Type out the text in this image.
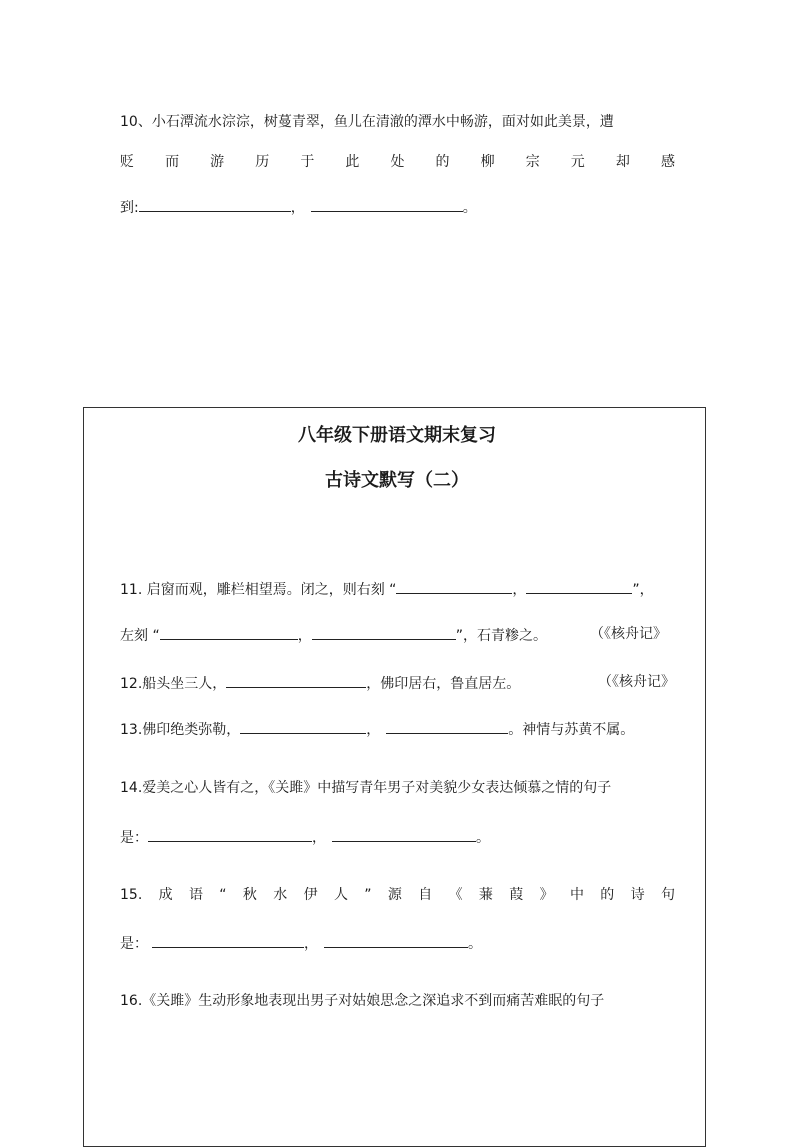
10、小石潭流水淙淙，树蔓青翠，鱼儿在清澈的潭水中畅游，面对如此美景，遭
贬 而 游 历 于 此 处 的 柳 宗 元 却 感
到:	，	。
八年级下册语文期末复习
古诗文默写（二）
11. 启窗而观，雕栏相望焉。闭之，则右刻 “	，	”，
左刻 “	，	”，石青糁之。	（《核舟记》
12.船头坐三人，	，佛印居右，鲁直居左。	（《核舟记》
13.佛印绝类弥勒，	，	。神情与苏黄不属。
14.爱美之心人皆有之，《关雎》中描写青年男子对美貌少女表达倾慕之情的句子
是：	，	。
15. 成 语 “ 秋 水 伊 人 ” 源 自 《 蒹 葭 》 中 的 诗 句
是：	，	。
16.《关雎》生动形象地表现出男子对姑娘思念之深追求不到而痛苦难眠的句子
